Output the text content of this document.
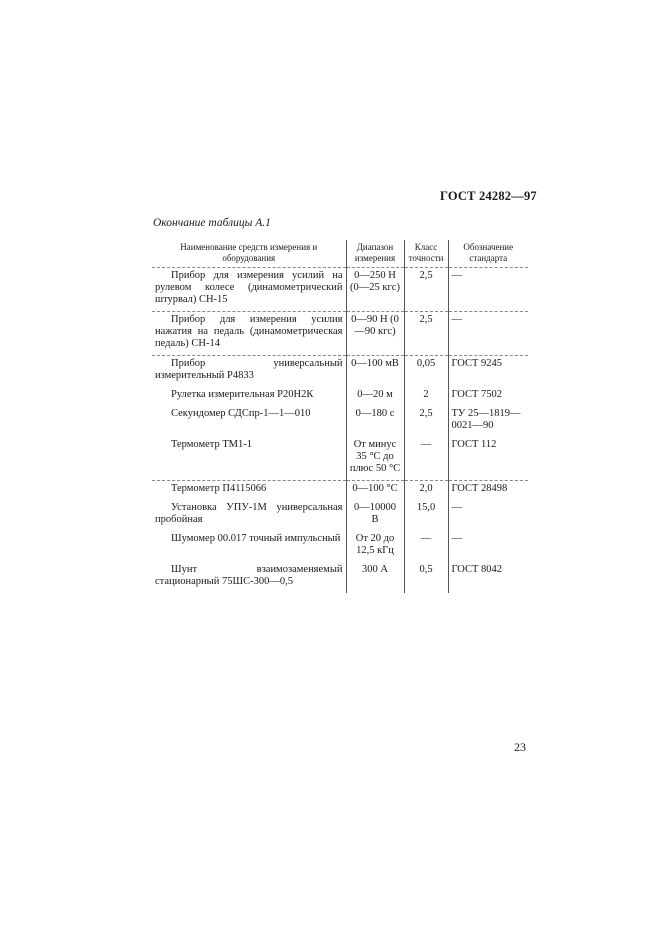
ГОСТ 24282—97
Окончание таблицы А.1
Наименование средств измерения и оборудования	Диапазон измерения	Класс точности	Обозначение стандарта
Прибор для измерения усилий на рулевом колесе (динамометрический штурвал) СН-15	0—250 Н (0—25 кгс)	2,5	—
Прибор для измерения усилия нажатия на педаль (динамометрическая педаль) СН-14	0—90 Н (0—90 кгс)	2,5	—
Прибор универсальный измерительный Р4833	0—100 мВ	0,05	ГОСТ 9245
Рулетка измерительная Р20Н2К	0—20 м	2	ГОСТ 7502
Секундомер СДСпр-1—1—010	0—180 с	2,5	ТУ 25—1819—0021—90
Термометр ТМ1-1	От минус 35 °С до плюс 50 °С	—	ГОСТ 112
Термометр П4115066	0—100 °С	2,0	ГОСТ 28498
Установка УПУ-1М универсальная пробойная	0—10000 В	15,0	—
Шумомер 00.017 точный импульсный	От 20 до 12,5 кГц	—	—
Шунт взаимозаменяемый стационарный 75ШС-300—0,5	300 А	0,5	ГОСТ 8042
23
